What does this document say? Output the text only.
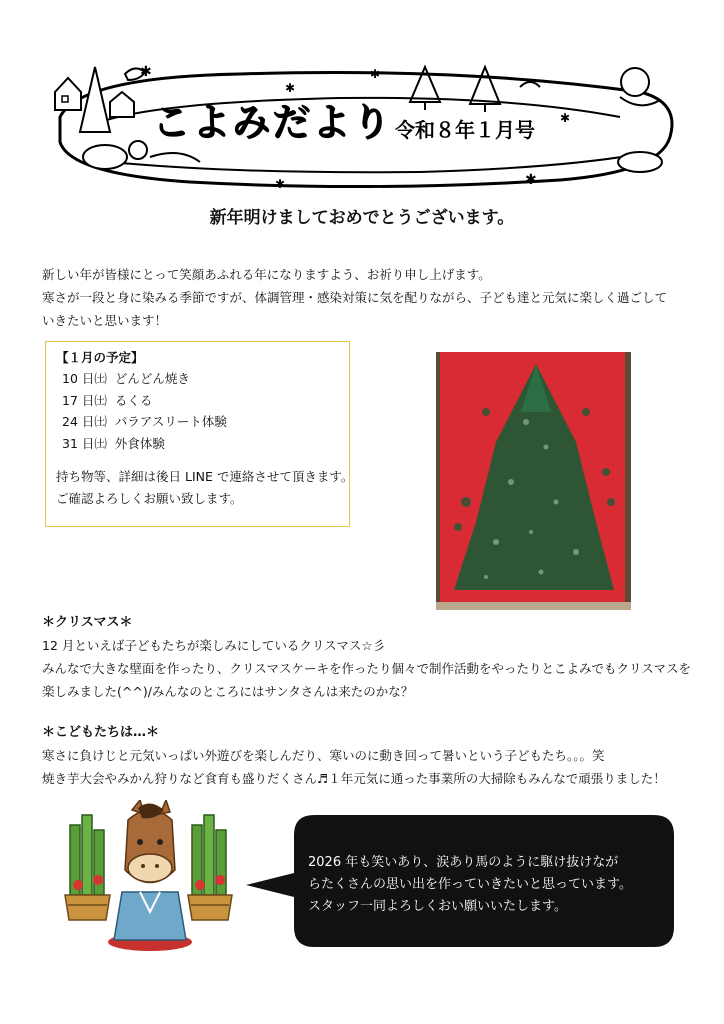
✱
✱
✱
✱
✱	✱
こよみだより 令和８年１月号
新年明けましておめでとうございます。
新しい年が皆様にとって笑顔あふれる年になりますよう、お祈り申し上げます。
寒さが一段と身に染みる季節ですが、体調管理・感染対策に気を配りながら、子ども達と元気に楽しく過ごして
いきたいと思います！
【１月の予定】
10 日㈯ どんどん焼き
17 日㈯ るくる
24 日㈯ パラアスリート体験
31 日㈯ 外食体験
持ち物等、詳細は後日 LINE で連絡させて頂きます。
ご確認よろしくお願い致します。
＊クリスマス＊
12 月といえば子どもたちが楽しみにしているクリスマス☆彡
みんなで大きな壁面を作ったり、クリスマスケーキを作ったり個々で制作活動をやったりとこよみでもクリスマスを
楽しみました(^^)/みんなのところにはサンタさんは来たのかな？
＊こどもたちは…＊
寒さに負けじと元気いっぱい外遊びを楽しんだり、寒いのに動き回って暑いという子どもたち。。。笑
焼き芋大会やみかん狩りなど食育も盛りだくさん♬１年元気に通った事業所の大掃除もみんなで頑張りました！
2026 年も笑いあり、涙あり馬のように駆け抜けなが
らたくさんの思い出を作っていきたいと思っています。
スタッフ一同よろしくおい願いいたします。
